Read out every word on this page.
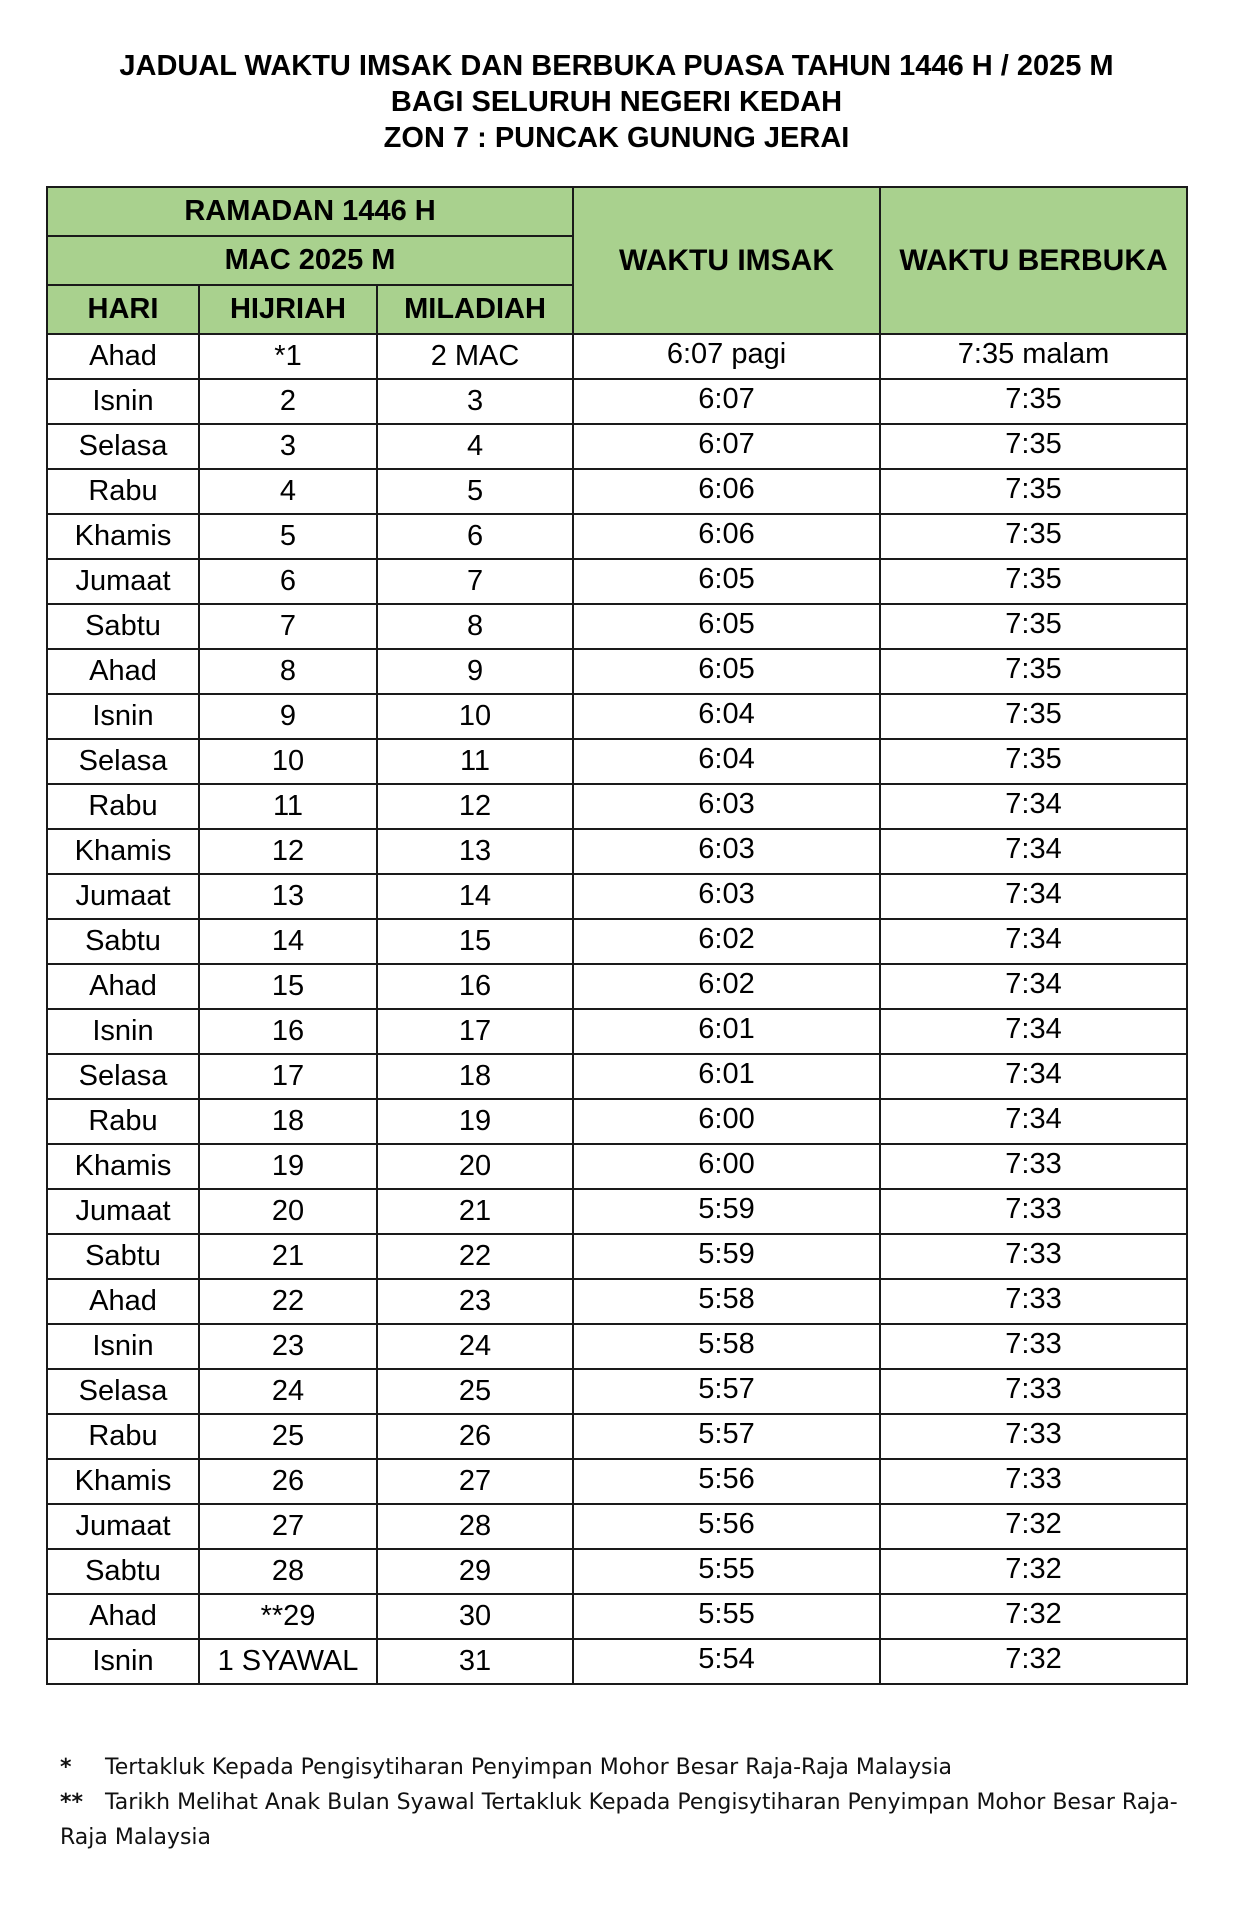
JADUAL WAKTU IMSAK DAN BERBUKA PUASA TAHUN 1446 H / 2025 M
BAGI SELURUH NEGERI KEDAH
ZON 7 : PUNCAK GUNUNG JERAI
RAMADAN 1446 H			WAKTU IMSAK	WAKTU BERBUKA
MAC 2025 M				
HARI	HIJRIAH	MILADIAH		
Ahad	*1	2 MAC	6:07 pagi	7:35 malam
Isnin	2	3	6:07	7:35
Selasa	3	4	6:07	7:35
Rabu	4	5	6:06	7:35
Khamis	5	6	6:06	7:35
Jumaat	6	7	6:05	7:35
Sabtu	7	8	6:05	7:35
Ahad	8	9	6:05	7:35
Isnin	9	10	6:04	7:35
Selasa	10	11	6:04	7:35
Rabu	11	12	6:03	7:34
Khamis	12	13	6:03	7:34
Jumaat	13	14	6:03	7:34
Sabtu	14	15	6:02	7:34
Ahad	15	16	6:02	7:34
Isnin	16	17	6:01	7:34
Selasa	17	18	6:01	7:34
Rabu	18	19	6:00	7:34
Khamis	19	20	6:00	7:33
Jumaat	20	21	5:59	7:33
Sabtu	21	22	5:59	7:33
Ahad	22	23	5:58	7:33
Isnin	23	24	5:58	7:33
Selasa	24	25	5:57	7:33
Rabu	25	26	5:57	7:33
Khamis	26	27	5:56	7:33
Jumaat	27	28	5:56	7:32
Sabtu	28	29	5:55	7:32
Ahad	**29	30	5:55	7:32
Isnin	1 SYAWAL	31	5:54	7:32
*	Tertakluk Kepada Pengisytiharan Penyimpan Mohor Besar Raja-Raja Malaysia
** Tarikh Melihat Anak Bulan Syawal Tertakluk Kepada Pengisytiharan Penyimpan Mohor Besar Raja-Raja Malaysia
